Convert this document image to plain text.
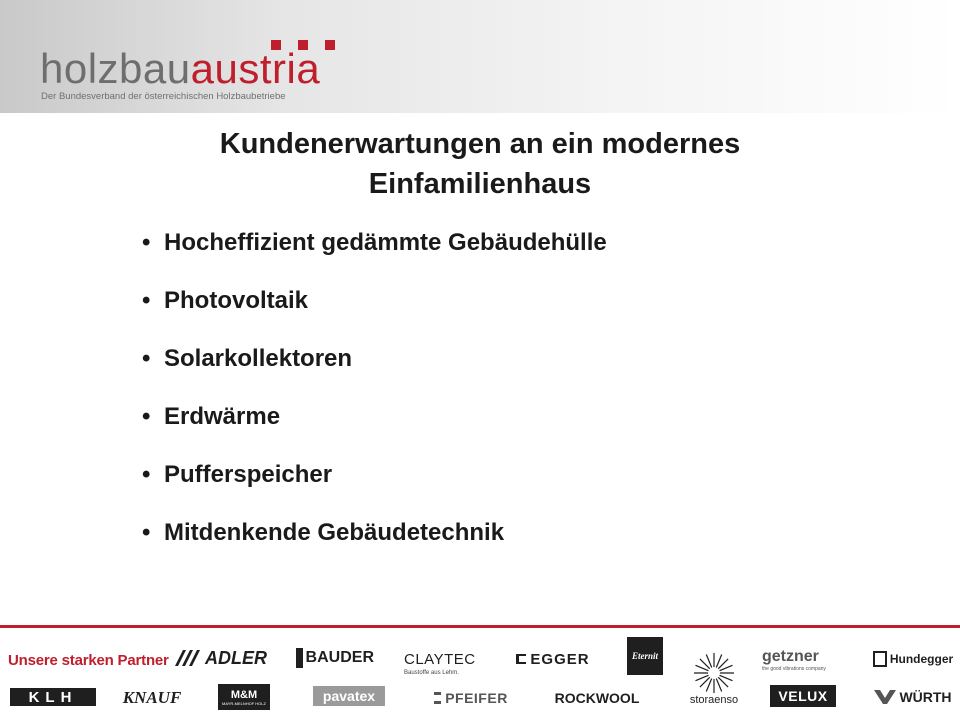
holzbauaustria
Der Bundesverband der österreichischen Holzbaubetriebe
Kundenerwartungen an ein modernes
Einfamilienhaus
• Hocheffizient gedämmte Gebäudehülle
• Photovoltaik
• Solarkollektoren
• Erdwärme
• Pufferspeicher
• Mitdenkende Gebäudetechnik
Unsere starken Partner ADLER BAUDER CLAYTEC
Baustoffe aus Lehm.
EGGER	Eternit	getzner
the good vibrations company
Hundegger
KLH	KNAUF	M&M
MAYR-MELNHOF HOLZ	pavatex	PFEIFER	ROCKWOOL	storaenso	VELUX	WÜRTH
